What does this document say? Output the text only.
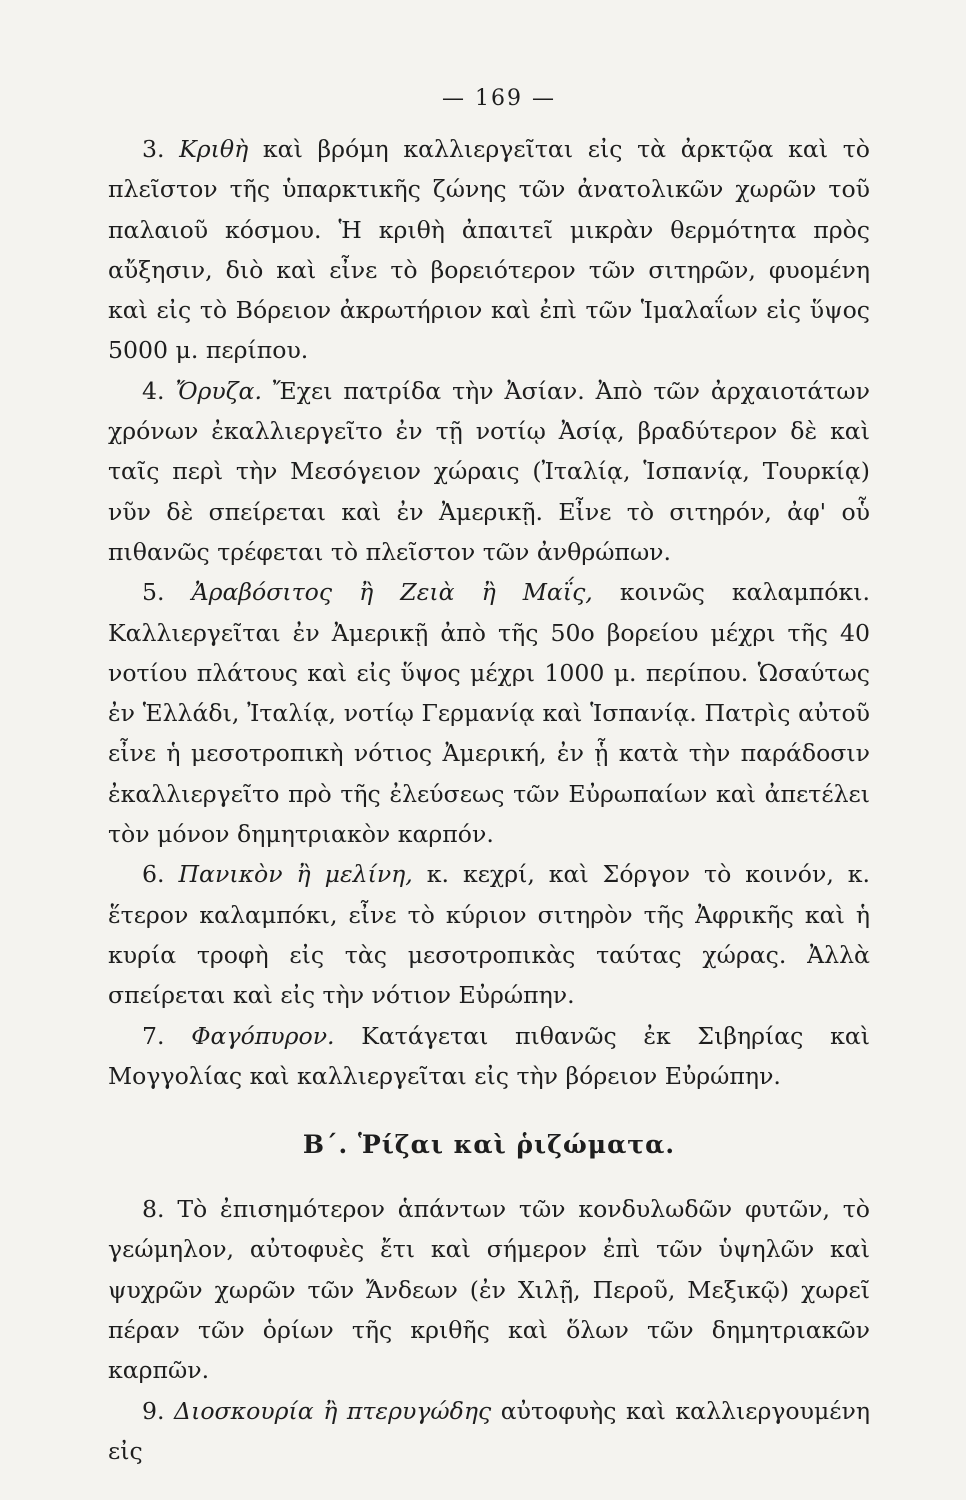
— 169 —

3. Κριθὴ καὶ βρόμη καλλιεργεῖται εἰς τὰ ἀρκτῷα καὶ τὸ πλεῖστον τῆς ὑπαρκτικῆς ζώνης τῶν ἀνατολικῶν χωρῶν τοῦ παλαιοῦ κόσμου. Ἡ κριθὴ ἀπαιτεῖ μικρὰν θερμότητα πρὸς αὔξησιν, διὸ καὶ εἶνε τὸ βορειότερον τῶν σιτηρῶν, φυομένη καὶ εἰς τὸ Βόρειον ἀκρωτήριον καὶ ἐπὶ τῶν Ἱμαλαΐων εἰς ὕψος 5000 μ. περίπου.

4. Ὄρυζα. Ἔχει πατρίδα τὴν Ἀσίαν. Ἀπὸ τῶν ἀρχαιοτάτων χρόνων ἐκαλλιεργεῖτο ἐν τῇ νοτίῳ Ἀσίᾳ, βραδύτερον δὲ καὶ ταῖς περὶ τὴν Μεσόγειον χώραις (Ἰταλίᾳ, Ἱσπανίᾳ, Τουρκίᾳ) νῦν δὲ σπείρεται καὶ ἐν Ἀμερικῇ. Εἶνε τὸ σιτηρόν, ἀφ' οὗ πιθανῶς τρέφεται τὸ πλεῖστον τῶν ἀνθρώπων.

5. Ἀραβόσιτος ἢ Ζειὰ ἢ Μαΐς, κοινῶς καλαμπόκι. Καλλιεργεῖται ἐν Ἀμερικῇ ἀπὸ τῆς 50ο βορείου μέχρι τῆς 40 νοτίου πλάτους καὶ εἰς ὕψος μέχρι 1000 μ. περίπου. Ὡσαύτως ἐν Ἑλλάδι, Ἰταλίᾳ, νοτίῳ Γερμανίᾳ καὶ Ἱσπανίᾳ. Πατρὶς αὐτοῦ εἶνε ἡ μεσοτροπικὴ νότιος Ἀμερική, ἐν ᾗ κατὰ τὴν παράδοσιν ἐκαλλιεργεῖτο πρὸ τῆς ἐλεύσεως τῶν Εὐρωπαίων καὶ ἀπετέλει τὸν μόνον δημητριακὸν καρπόν.

6. Πανικὸν ἢ μελίνη, κ. κεχρί, καὶ Σόργον τὸ κοινόν, κ. ἕτερον καλαμπόκι, εἶνε τὸ κύριον σιτηρὸν τῆς Ἀφρικῆς καὶ ἡ κυρία τροφὴ εἰς τὰς μεσοτροπικὰς ταύτας χώρας. Ἀλλὰ σπείρεται καὶ εἰς τὴν νότιον Εὐρώπην.

7. Φαγόπυρον. Κατάγεται πιθανῶς ἐκ Σιβηρίας καὶ Μογγολίας καὶ καλλιεργεῖται εἰς τὴν βόρειον Εὐρώπην.

Β΄. Ῥίζαι καὶ ῥιζώματα.

8. Τὸ ἐπισημότερον ἁπάντων τῶν κονδυλωδῶν φυτῶν, τὸ γεώμηλον, αὐτοφυὲς ἔτι καὶ σήμερον ἐπὶ τῶν ὑψηλῶν καὶ ψυχρῶν χωρῶν τῶν Ἄνδεων (ἐν Χιλῇ, Περοῦ, Μεξικῷ) χωρεῖ πέραν τῶν ὁρίων τῆς κριθῆς καὶ ὅλων τῶν δημητριακῶν καρπῶν.

9. Διοσκουρία ἢ πτερυγώδης αὐτοφυὴς καὶ καλλιεργουμένη εἰς
